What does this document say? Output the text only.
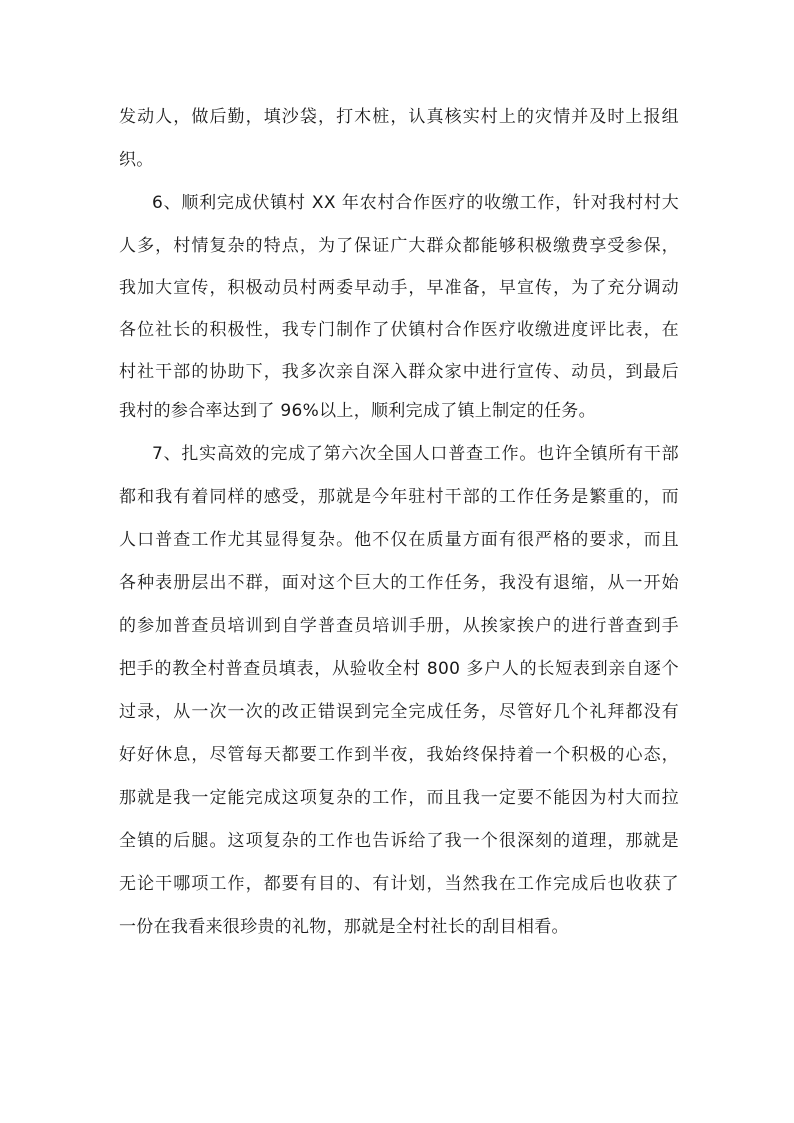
发动人，做后勤，填沙袋，打木桩，认真核实村上的灾情并及时上报组
织。
6、顺利完成伏镇村 XX 年农村合作医疗的收缴工作，针对我村村大
人多，村情复杂的特点，为了保证广大群众都能够积极缴费享受参保，
我加大宣传，积极动员村两委早动手，早准备，早宣传，为了充分调动
各位社长的积极性，我专门制作了伏镇村合作医疗收缴进度评比表，在
村社干部的协助下，我多次亲自深入群众家中进行宣传、动员，到最后
我村的参合率达到了 96%以上，顺利完成了镇上制定的任务。
7、扎实高效的完成了第六次全国人口普查工作。也许全镇所有干部
都和我有着同样的感受，那就是今年驻村干部的工作任务是繁重的，而
人口普查工作尤其显得复杂。他不仅在质量方面有很严格的要求，而且
各种表册层出不群，面对这个巨大的工作任务，我没有退缩，从一开始
的参加普查员培训到自学普查员培训手册，从挨家挨户的进行普查到手
把手的教全村普查员填表，从验收全村 800 多户人的长短表到亲自逐个
过录，从一次一次的改正错误到完全完成任务，尽管好几个礼拜都没有
好好休息，尽管每天都要工作到半夜，我始终保持着一个积极的心态，
那就是我一定能完成这项复杂的工作，而且我一定要不能因为村大而拉
全镇的后腿。这项复杂的工作也告诉给了我一个很深刻的道理，那就是
无论干哪项工作，都要有目的、有计划，当然我在工作完成后也收获了
一份在我看来很珍贵的礼物，那就是全村社长的刮目相看。
